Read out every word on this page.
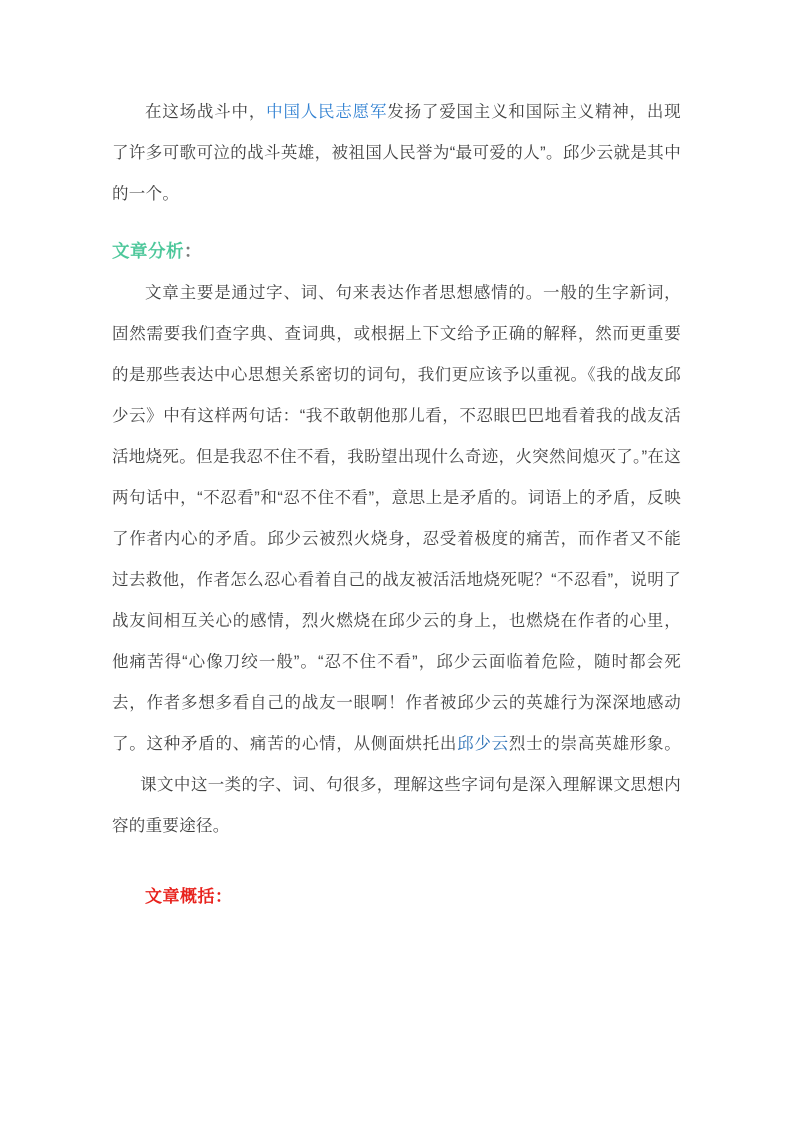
在这场战斗中，中国人民志愿军发扬了爱国主义和国际主义精神，出现了许多可歌可泣的战斗英雄，被祖国人民誉为“最可爱的人”。邱少云就是其中的一个。

文章分析：

文章主要是通过字、词、句来表达作者思想感情的。一般的生字新词，固然需要我们查字典、查词典，或根据上下文给予正确的解释，然而更重要的是那些表达中心思想关系密切的词句，我们更应该予以重视。《我的战友邱少云》中有这样两句话：“我不敢朝他那儿看，不忍眼巴巴地看着我的战友活活地烧死。但是我忍不住不看，我盼望出现什么奇迹，火突然间熄灭了。”在这两句话中，“不忍看”和“忍不住不看”，意思上是矛盾的。词语上的矛盾，反映了作者内心的矛盾。邱少云被烈火烧身，忍受着极度的痛苦，而作者又不能过去救他，作者怎么忍心看着自己的战友被活活地烧死呢？“不忍看”，说明了战友间相互关心的感情，烈火燃烧在邱少云的身上，也燃烧在作者的心里，他痛苦得“心像刀绞一般”。“忍不住不看”，邱少云面临着危险，随时都会死去，作者多想多看自己的战友一眼啊！作者被邱少云的英雄行为深深地感动了。这种矛盾的、痛苦的心情，从侧面烘托出邱少云烈士的崇高英雄形象。课文中这一类的字、词、句很多，理解这些字词句是深入理解课文思想内容的重要途径。

文章概括：
